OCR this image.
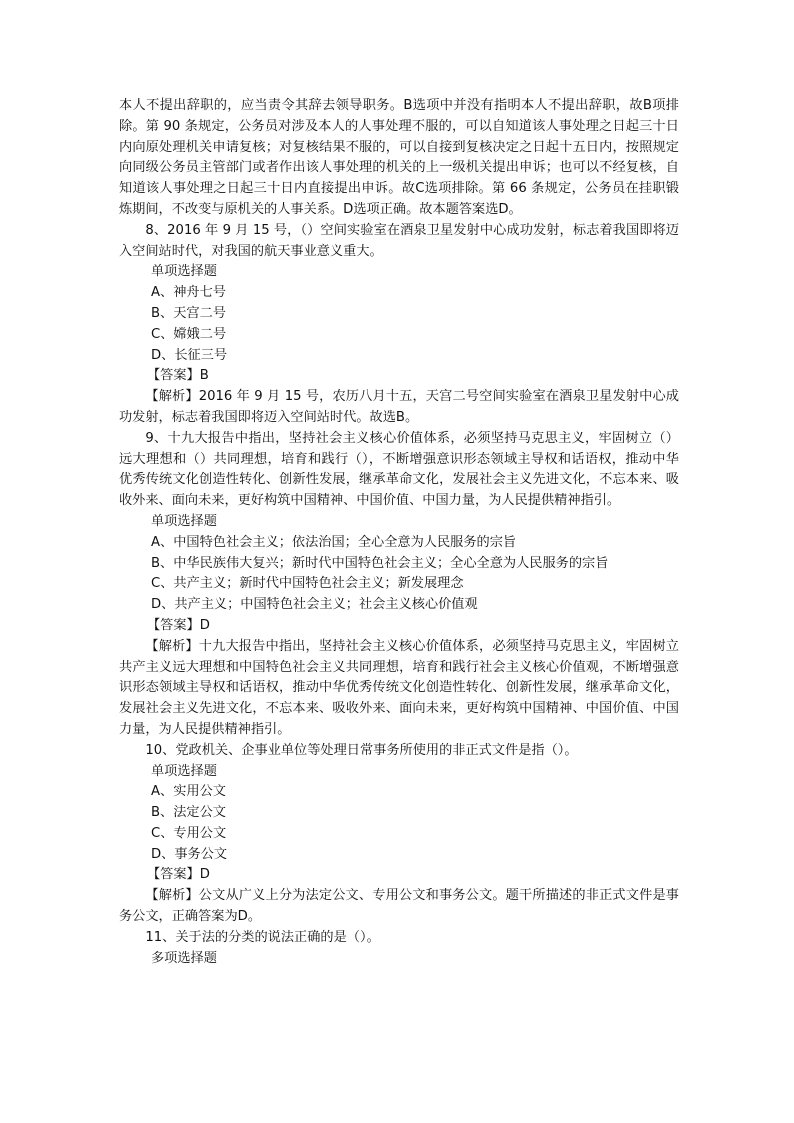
本人不提出辞职的，应当责令其辞去领导职务。B选项中并没有指明本人不提出辞职，故B项排除。第 90 条规定，公务员对涉及本人的人事处理不服的，可以自知道该人事处理之日起三十日内向原处理机关申请复核；对复核结果不服的，可以自接到复核决定之日起十五日内，按照规定向同级公务员主管部门或者作出该人事处理的机关的上一级机关提出申诉；也可以不经复核，自知道该人事处理之日起三十日内直接提出申诉。故C选项排除。第 66 条规定，公务员在挂职锻炼期间，不改变与原机关的人事关系。D选项正确。故本题答案选D。

8、2016 年 9 月 15 号，（）空间实验室在酒泉卫星发射中心成功发射，标志着我国即将迈入空间站时代，对我国的航天事业意义重大。

单项选择题

A、神舟七号

B、天宫二号

C、嫦娥二号

D、长征三号

【答案】B

【解析】2016 年 9 月 15 号，农历八月十五，天宫二号空间实验室在酒泉卫星发射中心成功发射，标志着我国即将迈入空间站时代。故选B。

9、十九大报告中指出，坚持社会主义核心价值体系，必须坚持马克思主义，牢固树立（）远大理想和（）共同理想，培育和践行（），不断增强意识形态领域主导权和话语权，推动中华优秀传统文化创造性转化、创新性发展，继承革命文化，发展社会主义先进文化，不忘本来、吸收外来、面向未来，更好构筑中国精神、中国价值、中国力量，为人民提供精神指引。

单项选择题

A、中国特色社会主义；依法治国；全心全意为人民服务的宗旨

B、中华民族伟大复兴；新时代中国特色社会主义；全心全意为人民服务的宗旨

C、共产主义；新时代中国特色社会主义；新发展理念

D、共产主义；中国特色社会主义；社会主义核心价值观

【答案】D

【解析】十九大报告中指出，坚持社会主义核心价值体系，必须坚持马克思主义，牢固树立共产主义远大理想和中国特色社会主义共同理想，培育和践行社会主义核心价值观，不断增强意识形态领域主导权和话语权，推动中华优秀传统文化创造性转化、创新性发展，继承革命文化，发展社会主义先进文化，不忘本来、吸收外来、面向未来，更好构筑中国精神、中国价值、中国力量，为人民提供精神指引。

10、党政机关、企事业单位等处理日常事务所使用的非正式文件是指（）。

单项选择题

A、实用公文

B、法定公文

C、专用公文

D、事务公文

【答案】D

【解析】公文从广义上分为法定公文、专用公文和事务公文。题干所描述的非正式文件是事务公文，正确答案为D。

11、关于法的分类的说法正确的是（）。

多项选择题
